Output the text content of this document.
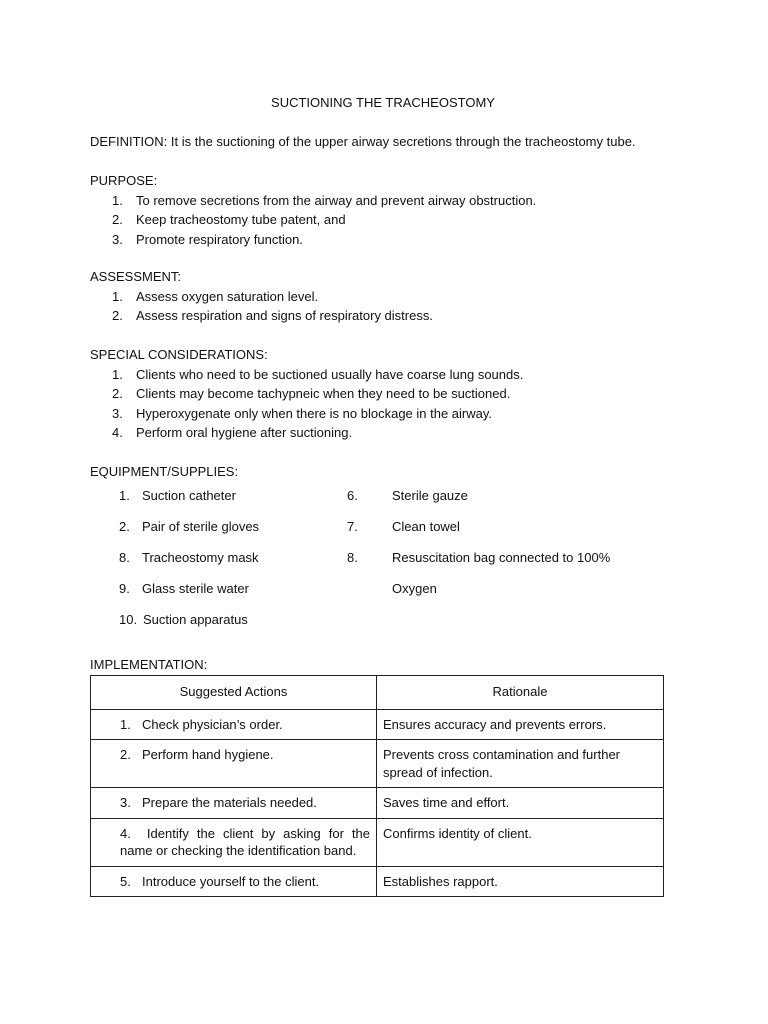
SUCTIONING THE TRACHEOSTOMY
DEFINITION: It is the suctioning of the upper airway secretions through the tracheostomy tube.
PURPOSE:
1.	To remove secretions from the airway and prevent airway obstruction.
2.	Keep tracheostomy tube patent, and
3.	Promote respiratory function.
ASSESSMENT:
1.	Assess oxygen saturation level.
2.	Assess respiration and signs of respiratory distress.
SPECIAL CONSIDERATIONS:
1.	Clients who need to be suctioned usually have coarse lung sounds.
2.	Clients may become tachypneic when they need to be suctioned.
3.	Hyperoxygenate only when there is no blockage in the airway.
4.	Perform oral hygiene after suctioning.
EQUIPMENT/SUPPLIES:
1. Suction catheter	6.	Sterile gauze
2. Pair of sterile gloves	7.	Clean towel
8. Tracheostomy mask	8.	Resuscitation bag connected to 100%
9. Glass sterile water	Oxygen
10. Suction apparatus
IMPLEMENTATION:
Suggested Actions	Rationale

1. Check physician’s order.	Ensures accuracy and prevents errors.

2. Perform hand hygiene.	Prevents cross contamination and further spread of infection.

3. Prepare the materials needed.	Saves time and effort.
4. Identify the client by asking for the name or checking the identification band.	Confirms identity of client.

5. Introduce yourself to the client.	Establishes rapport.
